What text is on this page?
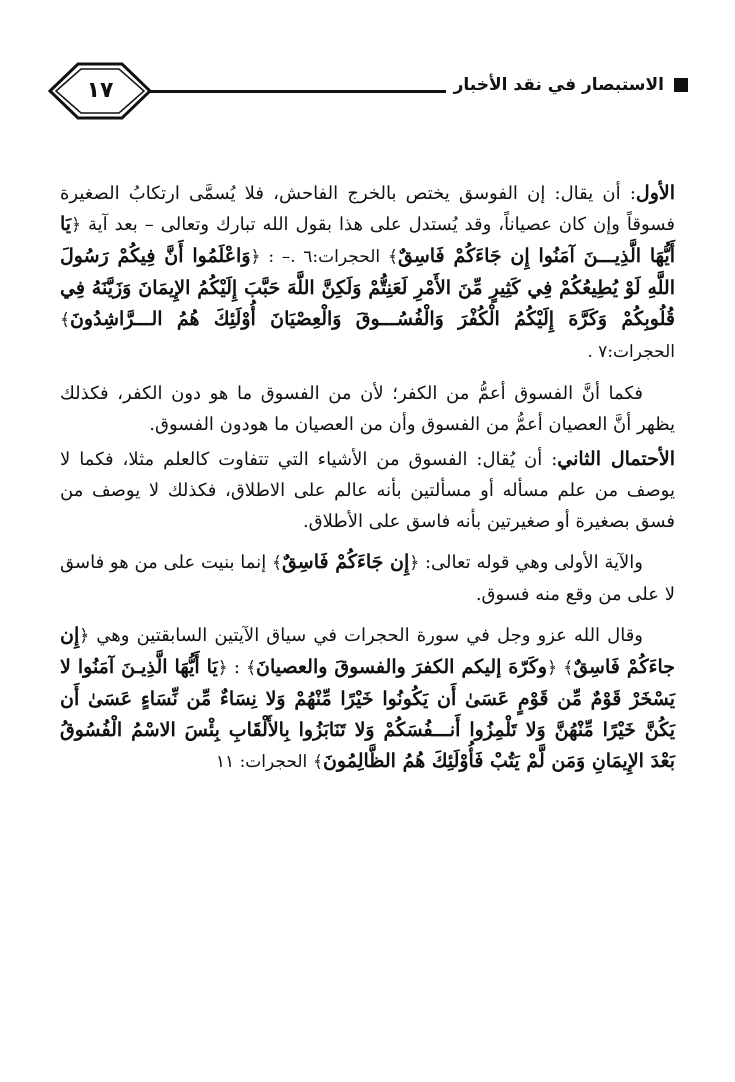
الاستبصار في نقد الأخبار
١٧

الأول: أن يقال: إن الفوسق يختص بالخرج الفاحش، فلا يُسمَّى ارتكابُ الصغيرة فسوقاً وإن كان عصياناً، وقد يُستدل على هذا بقول الله تبارك وتعالى – بعد آية ﴿يَا أَيُّهَا الَّذِيـــنَ آمَنُوا إِن جَاءَكُمْ فَاسِقٌ﴾ الحجرات:٦ .– : ﴿وَاعْلَمُوا أَنَّ فِيكُمْ رَسُولَ اللَّهِ لَوْ يُطِيعُكُمْ فِي كَثِيرٍ مِّنَ الأَمْرِ لَعَنِتُّمْ وَلَكِنَّ اللَّهَ حَبَّبَ إِلَيْكُمُ الإِيمَانَ وَزَيَّنَهُ فِي قُلُوبِكُمْ وَكَرَّهَ إِلَيْكُمُ الْكُفْرَ وَالْفُسُـــوقَ وَالْعِصْيَانَ أُوْلَئِكَ هُمُ الـــرَّاشِدُونَ﴾ الحجرات:٧ .

فكما أنَّ الفسوق أعمُّ من الكفر؛ لأن من الفسوق ما هو دون الكفر، فكذلك يظهر أنَّ العصيان أعمُّ من الفسوق وأن من العصيان ما هودون الفسوق.

الأحتمال الثاني: أن يُقال: الفسوق من الأشياء التي تتفاوت كالعلم مثلا، فكما لا يوصف من علم مسأله أو مسألتين بأنه عالم على الاطلاق، فكذلك لا يوصف من فسق بصغيرة أو صغيرتين بأنه فاسق على الأطلاق.

والآية الأولى وهي قوله تعالى: ﴿إِن جَاءَكُمْ فَاسِقٌ﴾ إنما بنيت على من هو فاسق لا على من وقع منه فسوق.

وقال الله عزو وجل في سورة الحجرات في سياق الآيتين السابقتين وهي ﴿إِن جاءَكُمْ فَاسِقٌ﴾ ﴿وكَرّهَ إليكم الكفرَ والفسوقَ والعصيانَ﴾ : ﴿يَا أَيُّهَا الَّذِيـنَ آمَنُوا لا يَسْخَرْ قَوْمٌ مِّن قَوْمٍ عَسَىٰ أَن يَكُونُوا خَيْرًا مِّنْهُمْ وَلا نِسَاءٌ مِّن نِّسَاءٍ عَسَىٰ أَن يَكُنَّ خَيْرًا مِّنْهُنَّ وَلا تَلْمِزُوا أَنـــفُسَكُمْ وَلا تَنَابَزُوا بِالأَلْقَابِ بِئْسَ الاسْمُ الْفُسُوقُ بَعْدَ الإِيمَانِ وَمَن لَّمْ يَتُبْ فَأُوْلَئِكَ هُمُ الظَّالِمُونَ﴾ الحجرات: ١١
